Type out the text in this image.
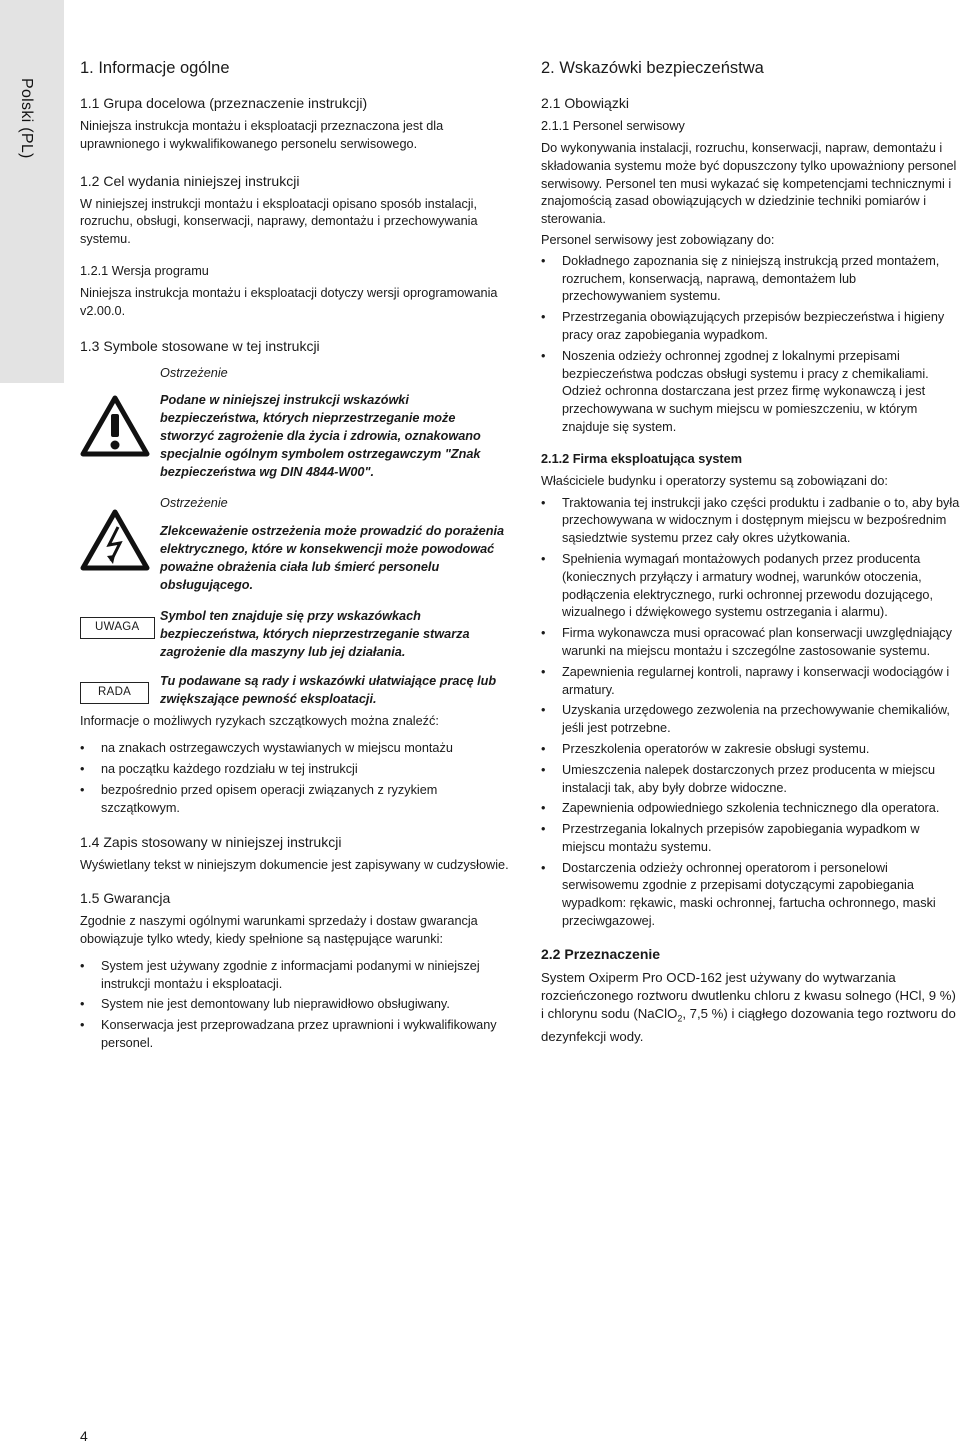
Polski (PL)
1. Informacje ogólne
1.1 Grupa docelowa (przeznaczenie instrukcji)

Niniejsza instrukcja montażu i eksploatacji przeznaczona jest dla uprawnionego i wykwalifikowanego personelu serwisowego.

1.2 Cel wydania niniejszej instrukcji

W niniejszej instrukcji montażu i eksploatacji opisano sposób instalacji, rozruchu, obsługi, konserwacji, naprawy, demontażu i przechowywania systemu.

1.2.1 Wersja programu

Niniejsza instrukcja montażu i eksploatacji dotyczy wersji oprogramowania v2.00.0.

1.3 Symbole stosowane w tej instrukcji
Ostrzeżenie
Podane w niniejszej instrukcji wskazówki bezpieczeństwa, których nieprzestrzeganie może stworzyć zagrożenie dla życia i zdrowia, oznakowano specjalnie ogólnym symbolem ostrzegawczym "Znak bezpieczeństwa wg DIN 4844-W00".
Ostrzeżenie
Zlekceważenie ostrzeżenia może prowadzić do porażenia elektrycznego, które w konsekwencji może powodować poważne obrażenia ciała lub śmierć personelu obsługującego.
UWAGA
Symbol ten znajduje się przy wskazówkach bezpieczeństwa, których nieprzestrzeganie stwarza zagrożenie dla maszyny lub jej działania.
RADA
Tu podawane są rady i wskazówki ułatwiające pracę lub zwiększające pewność eksploatacji.

Informacje o możliwych ryzykach szczątkowych można znaleźć:

• na znakach ostrzegawczych wystawianych w miejscu montażu
• na początku każdego rozdziału w tej instrukcji
• bezpośrednio przed opisem operacji związanych z ryzykiem szczątkowym.
1.4 Zapis stosowany w niniejszej instrukcji

Wyświetlany tekst w niniejszym dokumencie jest zapisywany w cudzysłowie.

1.5 Gwarancja

Zgodnie z naszymi ogólnymi warunkami sprzedaży i dostaw gwarancja obowiązuje tylko wtedy, kiedy spełnione są następujące warunki:

• System jest używany zgodnie z informacjami podanymi w niniejszej instrukcji montażu i eksploatacji.
• System nie jest demontowany lub nieprawidłowo obsługiwany.
• Konserwacja jest przeprowadzana przez uprawnioni i wykwalifikowany personel.
2. Wskazówki bezpieczeństwa
2.1 Obowiązki
2.1.1 Personel serwisowy

Do wykonywania instalacji, rozruchu, konserwacji, napraw, demontażu i składowania systemu może być dopuszczony tylko upoważniony personel serwisowy. Personel ten musi wykazać się kompetencjami technicznymi i znajomością zasad obowiązujących w dziedzinie techniki pomiarów i sterowania.

Personel serwisowy jest zobowiązany do:

• Dokładnego zapoznania się z niniejszą instrukcją przed montażem, rozruchem, konserwacją, naprawą, demontażem lub przechowywaniem systemu.
• Przestrzegania obowiązujących przepisów bezpieczeństwa i higieny pracy oraz zapobiegania wypadkom.
• Noszenia odzieży ochronnej zgodnej z lokalnymi przepisami bezpieczeństwa podczas obsługi systemu i pracy z chemikaliami. Odzież ochronna dostarczana jest przez firmę wykonawczą i jest przechowywana w suchym miejscu w pomieszczeniu, w którym znajduje się system.
2.1.2 Firma eksploatująca system

Właściciele budynku i operatorzy systemu są zobowiązani do:

• Traktowania tej instrukcji jako części produktu i zadbanie o to, aby była przechowywana w widocznym i dostępnym miejscu w bezpośrednim sąsiedztwie systemu przez cały okres użytkowania.
• Spełnienia wymagań montażowych podanych przez producenta (koniecznych przyłączy i armatury wodnej, warunków otoczenia, podłączenia elektrycznego, rurki ochronnej przewodu dozującego, wizualnego i dźwiękowego systemu ostrzegania i alarmu).
• Firma wykonawcza musi opracować plan konserwacji uwzględniający warunki na miejscu montażu i szczególne zastosowanie systemu.
• Zapewnienia regularnej kontroli, naprawy i konserwacji wodociągów i armatury.
• Uzyskania urzędowego zezwolenia na przechowywanie chemikaliów, jeśli jest potrzebne.
• Przeszkolenia operatorów w zakresie obsługi systemu.
• Umieszczenia nalepek dostarczonych przez producenta w miejscu instalacji tak, aby były dobrze widoczne.
• Zapewnienia odpowiedniego szkolenia technicznego dla operatora.
• Przestrzegania lokalnych przepisów zapobiegania wypadkom w miejscu montażu systemu.
• Dostarczenia odzieży ochronnej operatorom i personelowi serwisowemu zgodnie z przepisami dotyczącymi zapobiegania wypadkom: rękawic, maski ochronnej, fartucha ochronnego, maski przeciwgazowej.
2.2 Przeznaczenie

System Oxiperm Pro OCD-162 jest używany do wytwarzania rozcieńczonego roztworu dwutlenku chloru z kwasu solnego (HCl, 9 %) i chlorynu sodu (NaClO$_2$, 7,5 %) i ciągłego dozowania tego roztworu do dezynfekcji wody.

4
